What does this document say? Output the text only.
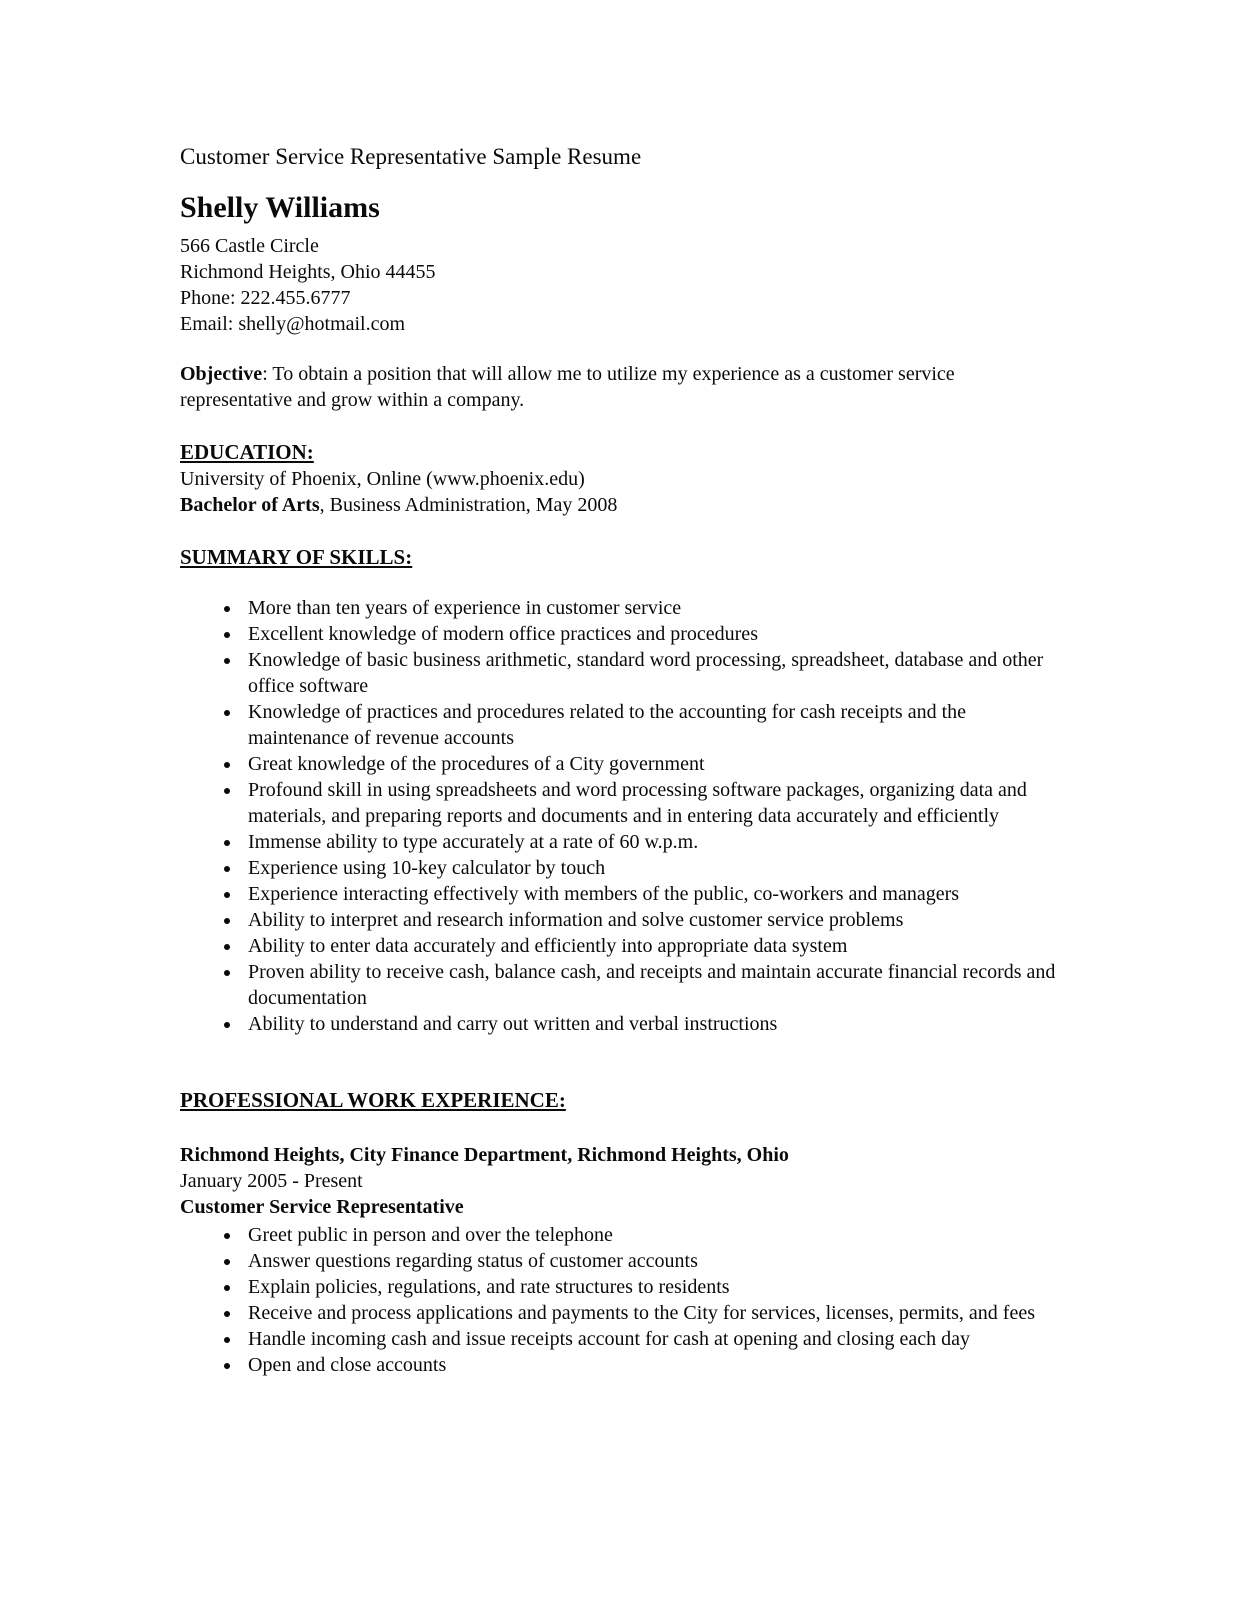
Customer Service Representative Sample Resume
Shelly Williams
566 Castle Circle
Richmond Heights, Ohio 44455
Phone: 222.455.6777
Email: shelly@hotmail.com
Objective: To obtain a position that will allow me to utilize my experience as a customer service representative and grow within a company.
EDUCATION:
University of Phoenix, Online (www.phoenix.edu)
Bachelor of Arts, Business Administration, May 2008
SUMMARY OF SKILLS:
• More than ten years of experience in customer service
• Excellent knowledge of modern office practices and procedures
• Knowledge of basic business arithmetic, standard word processing, spreadsheet, database and other office software
• Knowledge of practices and procedures related to the accounting for cash receipts and the maintenance of revenue accounts
• Great knowledge of the procedures of a City government
• Profound skill in using spreadsheets and word processing software packages, organizing data and materials, and preparing reports and documents and in entering data accurately and efficiently
• Immense ability to type accurately at a rate of 60 w.p.m.
• Experience using 10-key calculator by touch
• Experience interacting effectively with members of the public, co-workers and managers
• Ability to interpret and research information and solve customer service problems
• Ability to enter data accurately and efficiently into appropriate data system
• Proven ability to receive cash, balance cash, and receipts and maintain accurate financial records and documentation
• Ability to understand and carry out written and verbal instructions
PROFESSIONAL WORK EXPERIENCE:
Richmond Heights, City Finance Department, Richmond Heights, Ohio
January 2005 - Present
Customer Service Representative
• Greet public in person and over the telephone
• Answer questions regarding status of customer accounts
• Explain policies, regulations, and rate structures to residents
• Receive and process applications and payments to the City for services, licenses, permits, and fees
• Handle incoming cash and issue receipts account for cash at opening and closing each day
• Open and close accounts
